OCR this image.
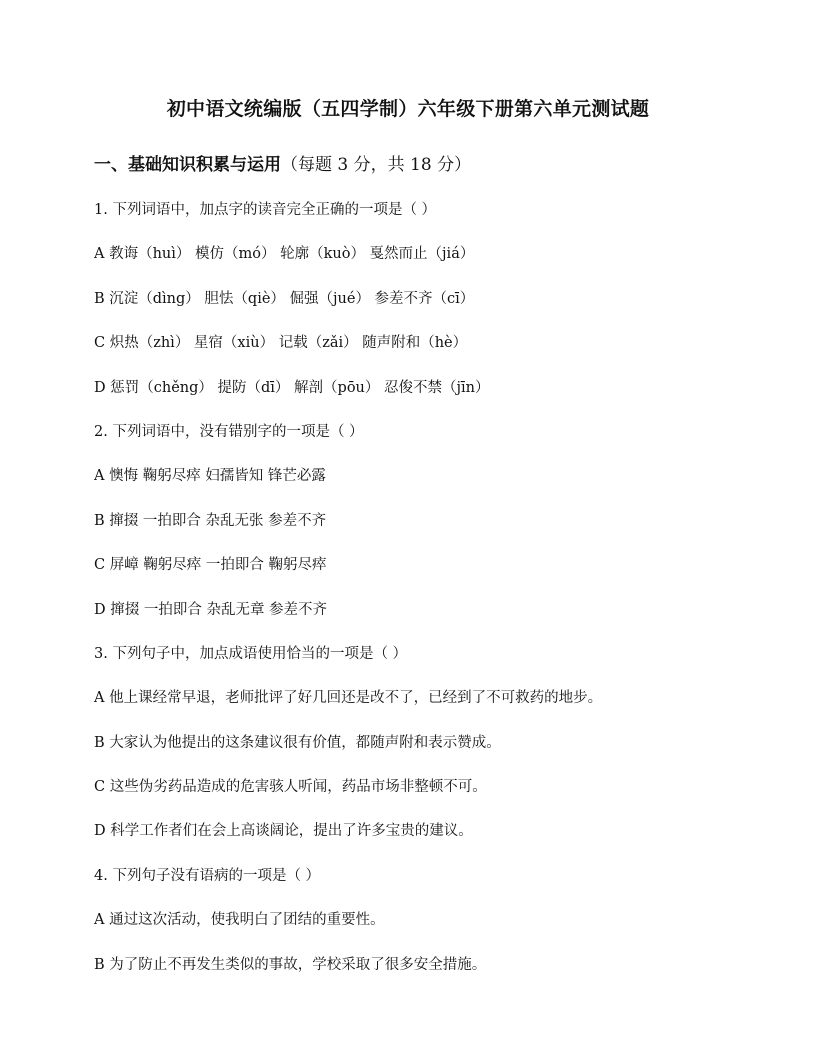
初中语文统编版（五四学制）六年级下册第六单元测试题
一、基础知识积累与运用（每题 3 分，共 18 分）
1. 下列词语中，加点字的读音完全正确的一项是（ ）
A 教诲（huì） 模仿（mó） 轮廓（kuò） 戛然而止（jiá）
B 沉淀（dìng） 胆怯（qiè） 倔强（jué） 参差不齐（cī）
C 炽热（zhì） 星宿（xiù） 记载（zǎi） 随声附和（hè）
D 惩罚（chěng） 提防（dī） 解剖（pōu） 忍俊不禁（jīn）
2. 下列词语中，没有错别字的一项是（ ）
A 懊悔 鞠躬尽瘁 妇孺皆知 锋芒必露
B 撺掇 一拍即合 杂乱无张 参差不齐
C 屏嶂 鞠躬尽瘁 一拍即合 鞠躬尽瘁
D 撺掇 一拍即合 杂乱无章 参差不齐
3. 下列句子中，加点成语使用恰当的一项是（ ）
A 他上课经常早退，老师批评了好几回还是改不了，已经到了不可救药的地步。
B 大家认为他提出的这条建议很有价值，都随声附和表示赞成。
C 这些伪劣药品造成的危害骇人听闻，药品市场非整顿不可。
D 科学工作者们在会上高谈阔论，提出了许多宝贵的建议。
4. 下列句子没有语病的一项是（ ）
A 通过这次活动，使我明白了团结的重要性。
B 为了防止不再发生类似的事故，学校采取了很多安全措施。
